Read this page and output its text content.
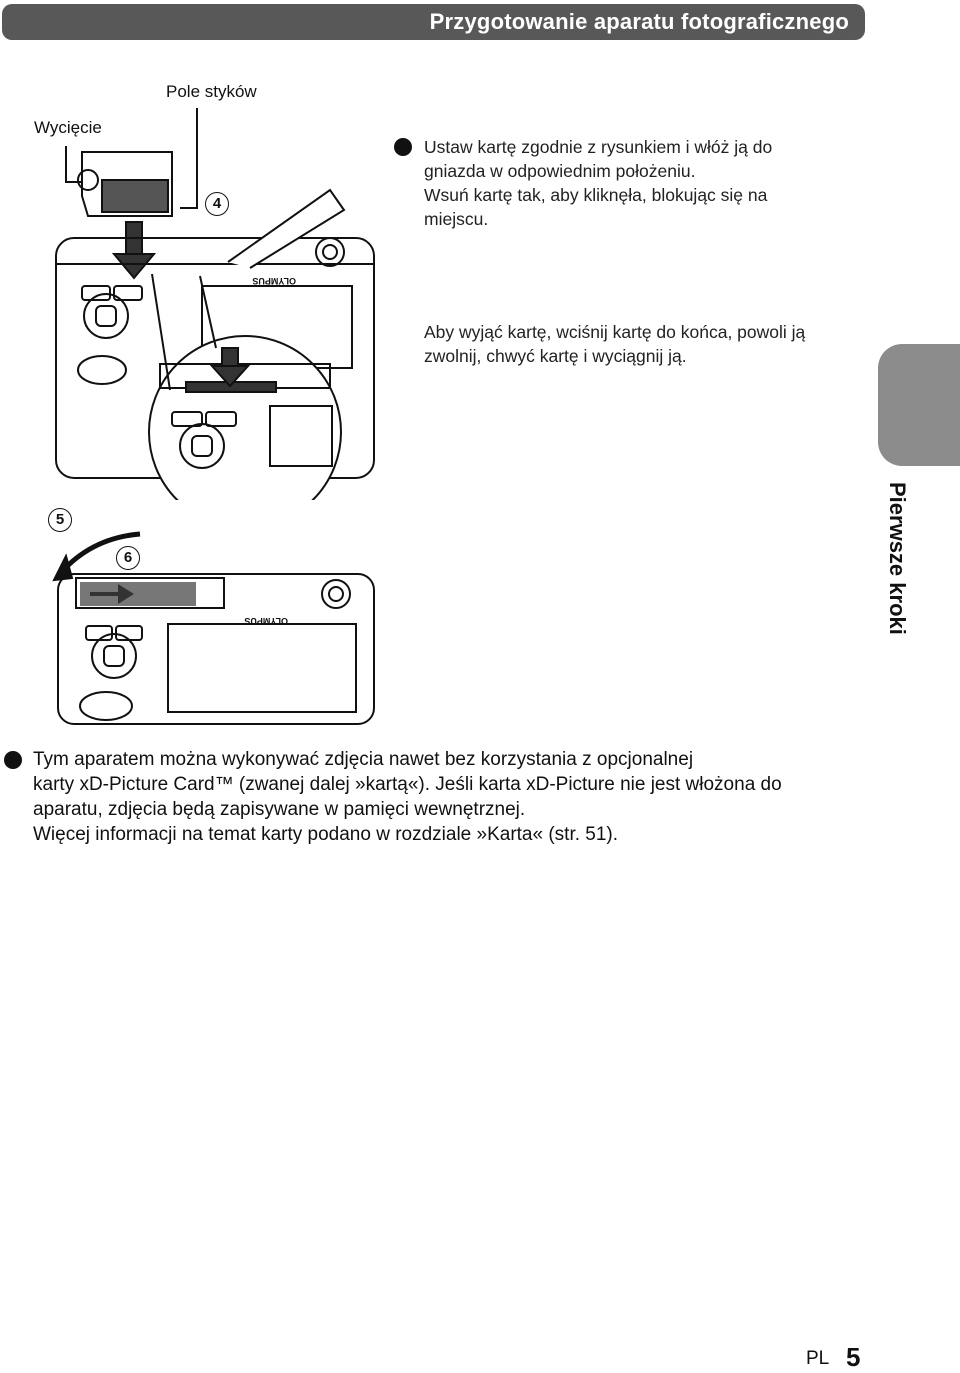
Przygotowanie aparatu fotograficznego
Pierwsze kroki
Pole styków
Wycięcie
OLYMPUS
4

Ustaw kartę zgodnie z rysunkiem i włóż ją do

gniazda w odpowiednim położeniu.

Wsuń kartę tak, aby kliknęła, blokując się na

miejscu.

Aby wyjąć kartę, wciśnij kartę do końca, powoli ją

zwolnij, chwyć kartę i wyciągnij ją.

5
6
OLYMPUS

Tym aparatem można wykonywać zdjęcia nawet bez korzystania z opcjonalnej

karty xD-Picture Card™ (zwanej dalej »kartą«). Jeśli karta xD-Picture nie jest włożona do

aparatu, zdjęcia będą zapisywane w pamięci wewnętrznej.

Więcej informacji na temat karty podano w rozdziale »Karta« (str. 51).

PL 5
